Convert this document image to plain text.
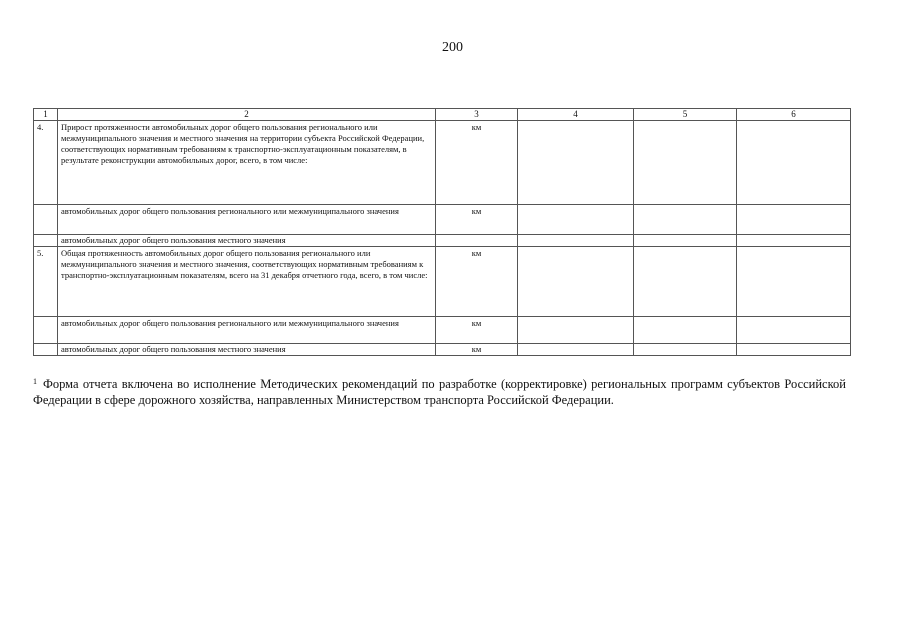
200
1	2	3	4	5	6
4.	Прирост протяженности автомобильных дорог общего пользования регионального или межмуниципального значения и местного значения на территории субъекта Российской Федерации, соответствующих нормативным требованиям к транспортно-эксплуатационным показателям, в результате реконструкции автомобильных дорог, всего, в том числе:	км			
	автомобильных дорог общего пользования регионального или межмуниципального значения	км			
	автомобильных дорог общего пользования местного значения				
5.	Общая протяженность автомобильных дорог общего пользования регионального или межмуниципального значения и местного значения, соответствующих нормативным требованиям к транспортно-эксплуатационным показателям, всего на 31 декабря отчетного года, всего, в том числе:	км			
	автомобильных дорог общего пользования регионального или межмуниципального значения	км			
	автомобильных дорог общего пользования местного значения	км			
$^1$ Форма отчета включена во исполнение Методических рекомендаций по разработке (корректировке) региональных программ субъектов Российской Федерации в сфере дорожного хозяйства, направленных Министерством транспорта Российской Федерации.
